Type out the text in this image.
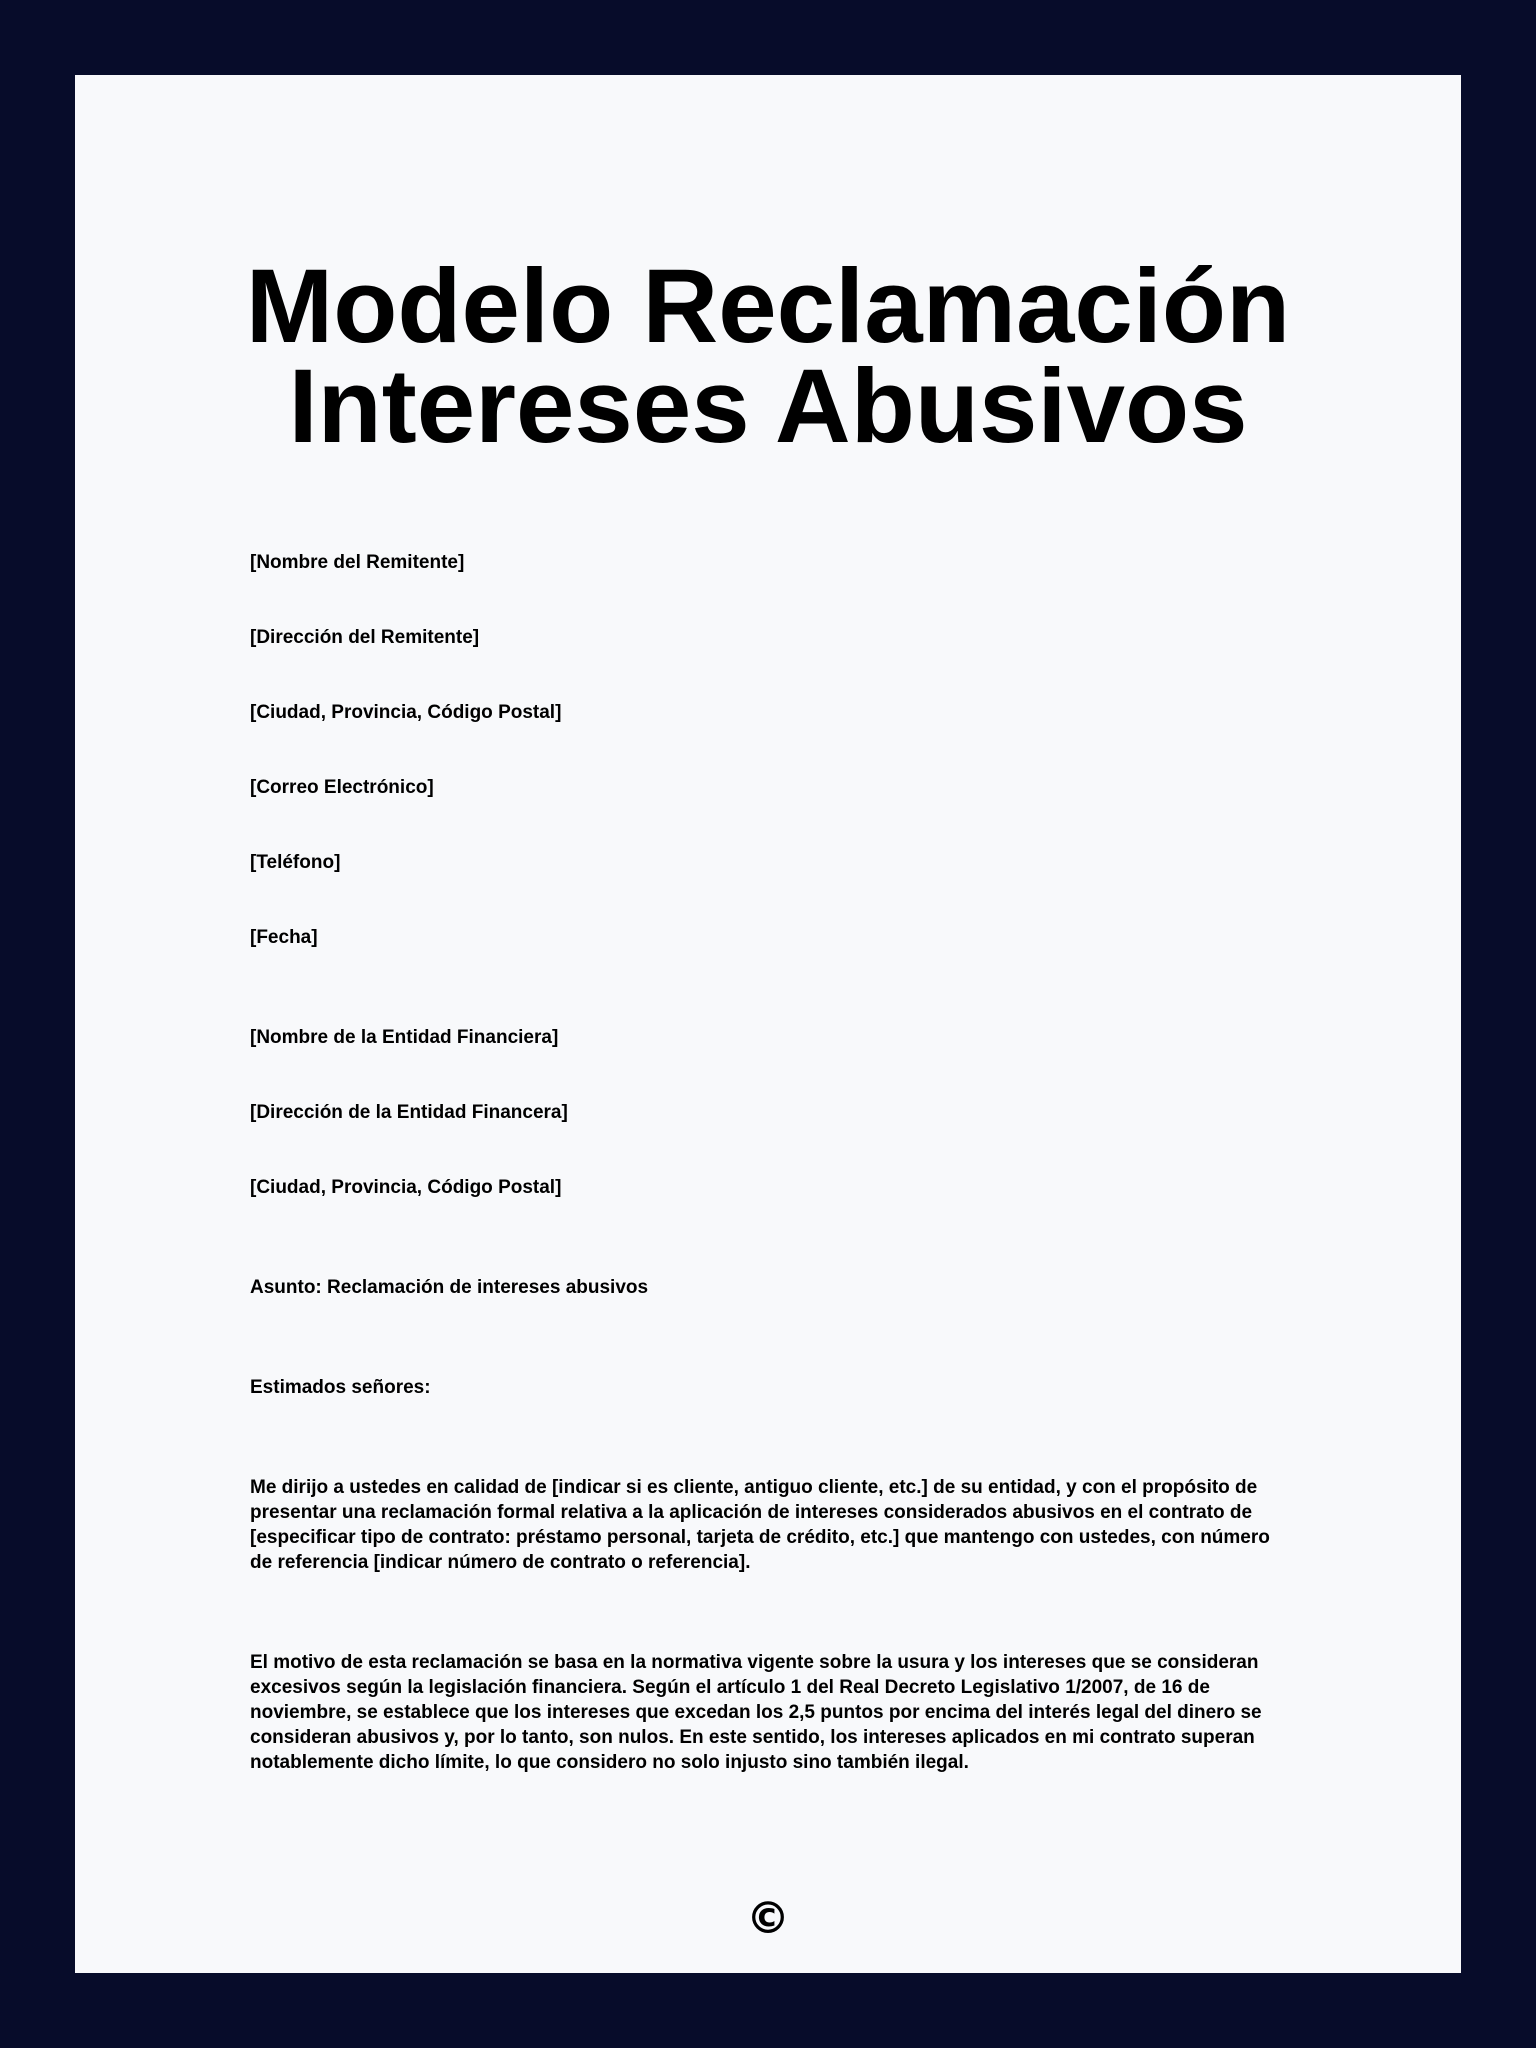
Modelo Reclamación
Intereses Abusivos

[Nombre del Remitente]

[Dirección del Remitente]

[Ciudad, Provincia, Código Postal]

[Correo Electrónico]

[Teléfono]

[Fecha]

[Nombre de la Entidad Financiera]

[Dirección de la Entidad Financera]

[Ciudad, Provincia, Código Postal]

Asunto: Reclamación de intereses abusivos

Estimados señores:

Me dirijo a ustedes en calidad de [indicar si es cliente, antiguo cliente, etc.] de su entidad, y con el propósito de presentar una reclamación formal relativa a la aplicación de intereses considerados abusivos en el contrato de [especificar tipo de contrato: préstamo personal, tarjeta de crédito, etc.] que mantengo con ustedes, con número de referencia [indicar número de contrato o referencia].

El motivo de esta reclamación se basa en la normativa vigente sobre la usura y los intereses que se consideran excesivos según la legislación financiera. Según el artículo 1 del Real Decreto Legislativo 1/2007, de 16 de noviembre, se establece que los intereses que excedan los 2,5 puntos por encima del interés legal del dinero se consideran abusivos y, por lo tanto, son nulos. En este sentido, los intereses aplicados en mi contrato superan notablemente dicho límite, lo que considero no solo injusto sino también ilegal.

©
